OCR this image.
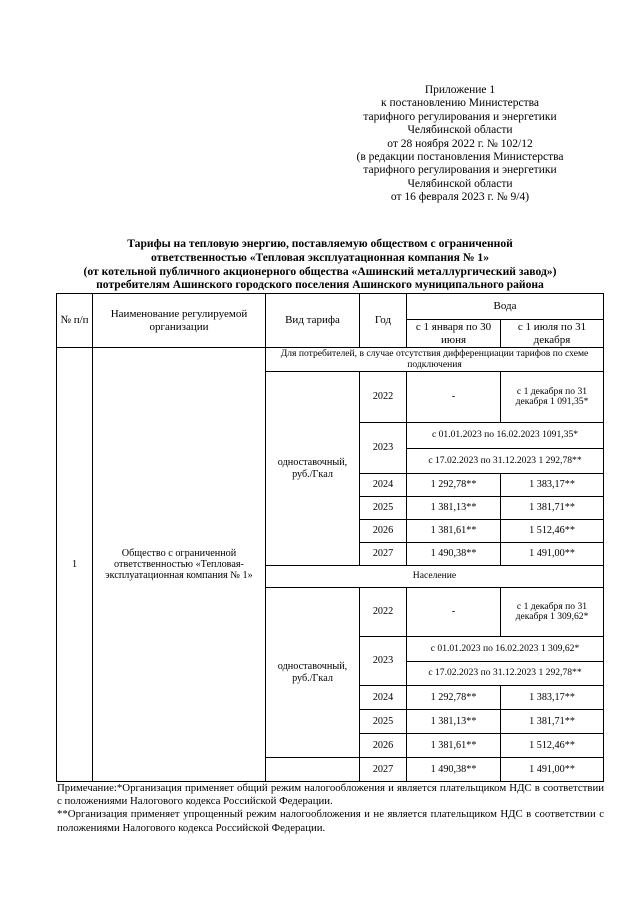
Приложение 1
к постановлению Министерства
тарифного регулирования и энергетики
Челябинской области
от 28 ноября 2022 г. № 102/12
(в редакции постановления Министерства
тарифного регулирования и энергетики
Челябинской области
от 16 февраля 2023 г. № 9/4)
Тарифы на тепловую энергию, поставляемую обществом с ограниченной
ответственностью «Тепловая эксплуатационная компания № 1»
(от котельной публичного акционерного общества «Ашинский металлургический завод»)
потребителям Ашинского городского поселения Ашинского муниципального района
№ п/п	Наименование регулируемой организации	Вид тарифа	Год	Вода	
				с 1 января по 30 июня	с 1 июля по 31 декабря
1	Общество с ограниченной ответственностью «Тепловая-эксплуатационная компания № 1»	Для потребителей, в случае отсутствия дифференциации тарифов по схеме подключения			
		одноставочный, руб./Гкал	2022	-	с 1 декабря по 31 декабря 1 091,35*
			2023	с 01.01.2023 по 16.02.2023 1091,35*	
				с 17.02.2023 по 31.12.2023 1 292,78**	
			2024	1 292,78**	1 383,17**
			2025	1 381,13**	1 381,71**
			2026	1 381,61**	1 512,46**
			2027	1 490,38**	1 491,00**
		Население			
		одноставочный, руб./Гкал	2022	-	с 1 декабря по 31 декабря 1 309,62*
			2023	с 01.01.2023 по 16.02.2023 1 309,62*	
				с 17.02.2023 по 31.12.2023 1 292,78**	
			2024	1 292,78**	1 383,17**
			2025	1 381,13**	1 381,71**
			2026	1 381,61**	1 512,46**
			2027	1 490,38**	1 491,00**

Примечание:*Организация применяет общий режим налогообложения и является плательщиком НДС в соответствии с положениями Налогового кодекса Российской Федерации.

**Организация применяет упрощенный режим налогообложения и не является плательщиком НДС в соответствии с положениями Налогового кодекса Российской Федерации.
